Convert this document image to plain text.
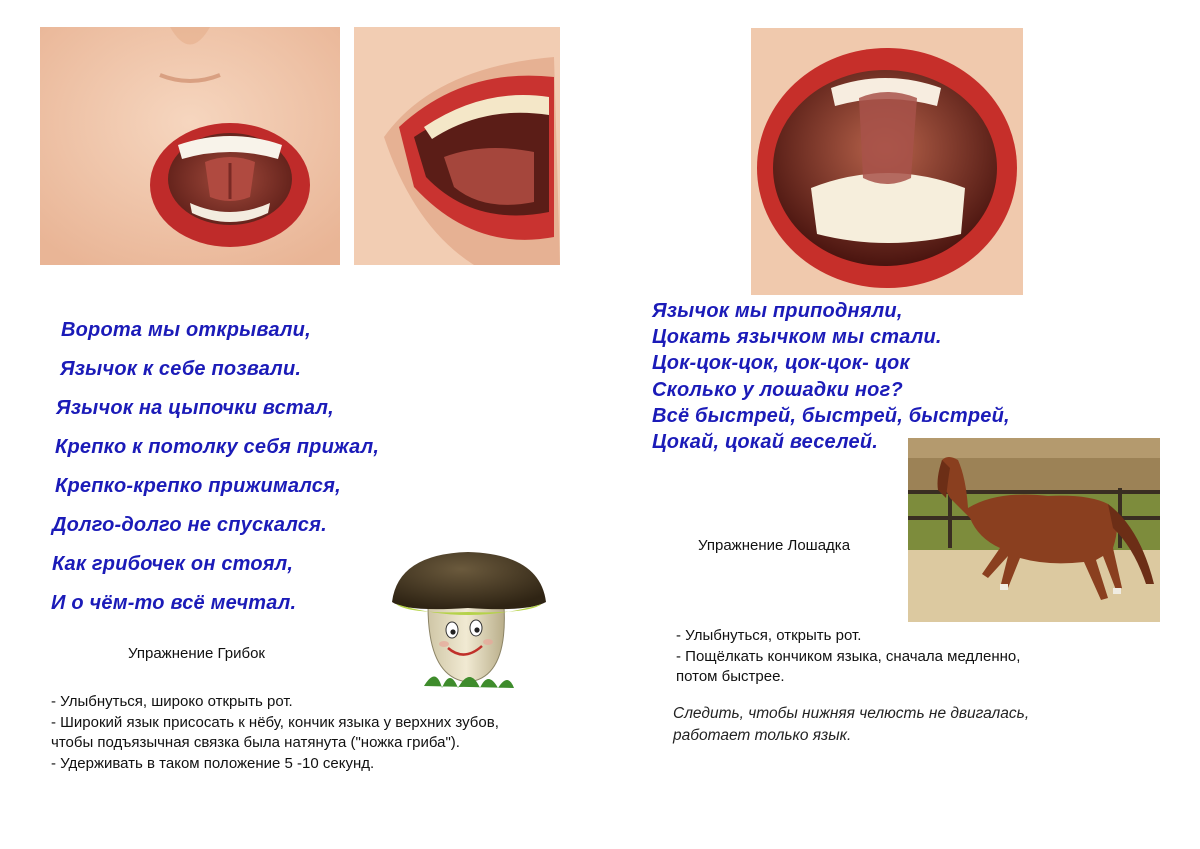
Ворота мы открывали,
Язычок к себе позвали.
Язычок на цыпочки встал,
Крепко к потолку себя прижал,
Крепко-крепко прижимался,
Долго-долго не спускался.
Как грибочек он стоял,
И о чём-то всё мечтал.
Упражнение Грибок
- Улыбнуться, широко открыть рот.
- Широкий язык присосать к нёбу, кончик языка у верхних зубов,
чтобы подъязычная связка была натянута ("ножка гриба").
- Удерживать в таком положение 5 -10 секунд.
Язычок мы приподняли,
Цокать язычком мы стали.
Цок-цок-цок, цок-цок- цок
Сколько у лошадки ног?
Всё быстрей, быстрей, быстрей,
Цокай, цокай веселей.
Упражнение Лошадка
- Улыбнуться, открыть рот.
- Пощёлкать кончиком языка, сначала медленно,
потом быстрее.
Следить, чтобы нижняя челюсть не двигалась,
работает только язык.
